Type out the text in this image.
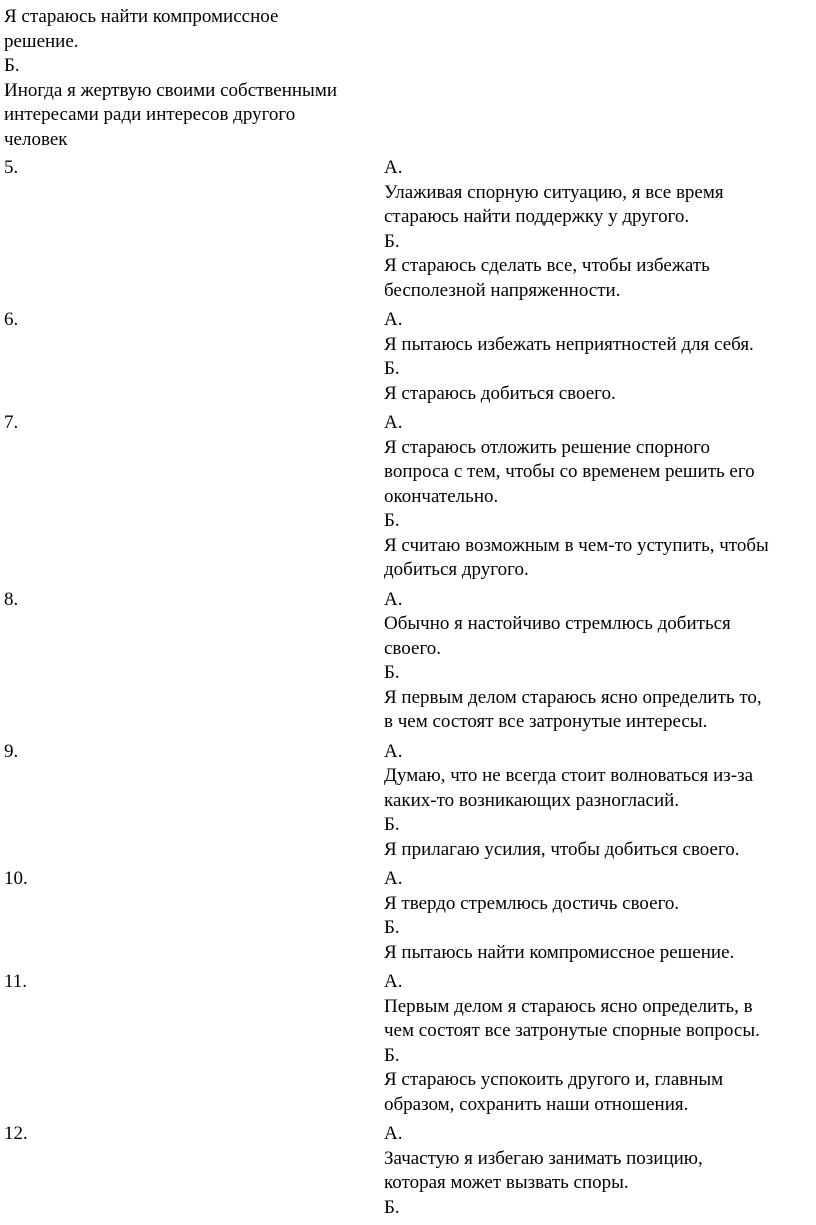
Я стараюсь найти компромиссное

решение.

Б.

Иногда я жертвую своими собственными

интересами ради интересов другого

человек

5.	А.

Улаживая спорную ситуацию, я все время

стараюсь найти поддержку у другого.

Б.

Я стараюсь сделать все, чтобы избежать

бесполезной напряженности.

6.	А.

Я пытаюсь избежать неприятностей для себя.

Б.

Я стараюсь добиться своего.

7.	А.

Я стараюсь отложить решение спорного

вопроса с тем, чтобы со временем решить его

окончательно.

Б.

Я считаю возможным в чем-то уступить, чтобы

добиться другого.

8.	А.

Обычно я настойчиво стремлюсь добиться

своего.

Б.

Я первым делом стараюсь ясно определить то,

в чем состоят все затронутые интересы.

9.	А.

Думаю, что не всегда стоит волноваться из-за

каких-то возникающих разногласий.

Б.

Я прилагаю усилия, чтобы добиться своего.

10.	А.

Я твердо стремлюсь достичь своего.

Б.

Я пытаюсь найти компромиссное решение.

11.	А.

Первым делом я стараюсь ясно определить, в

чем состоят все затронутые спорные вопросы.

Б.

Я стараюсь успокоить другого и, главным

образом, сохранить наши отношения.

12.	А.

Зачастую я избегаю занимать позицию,

которая может вызвать споры.

Б.
